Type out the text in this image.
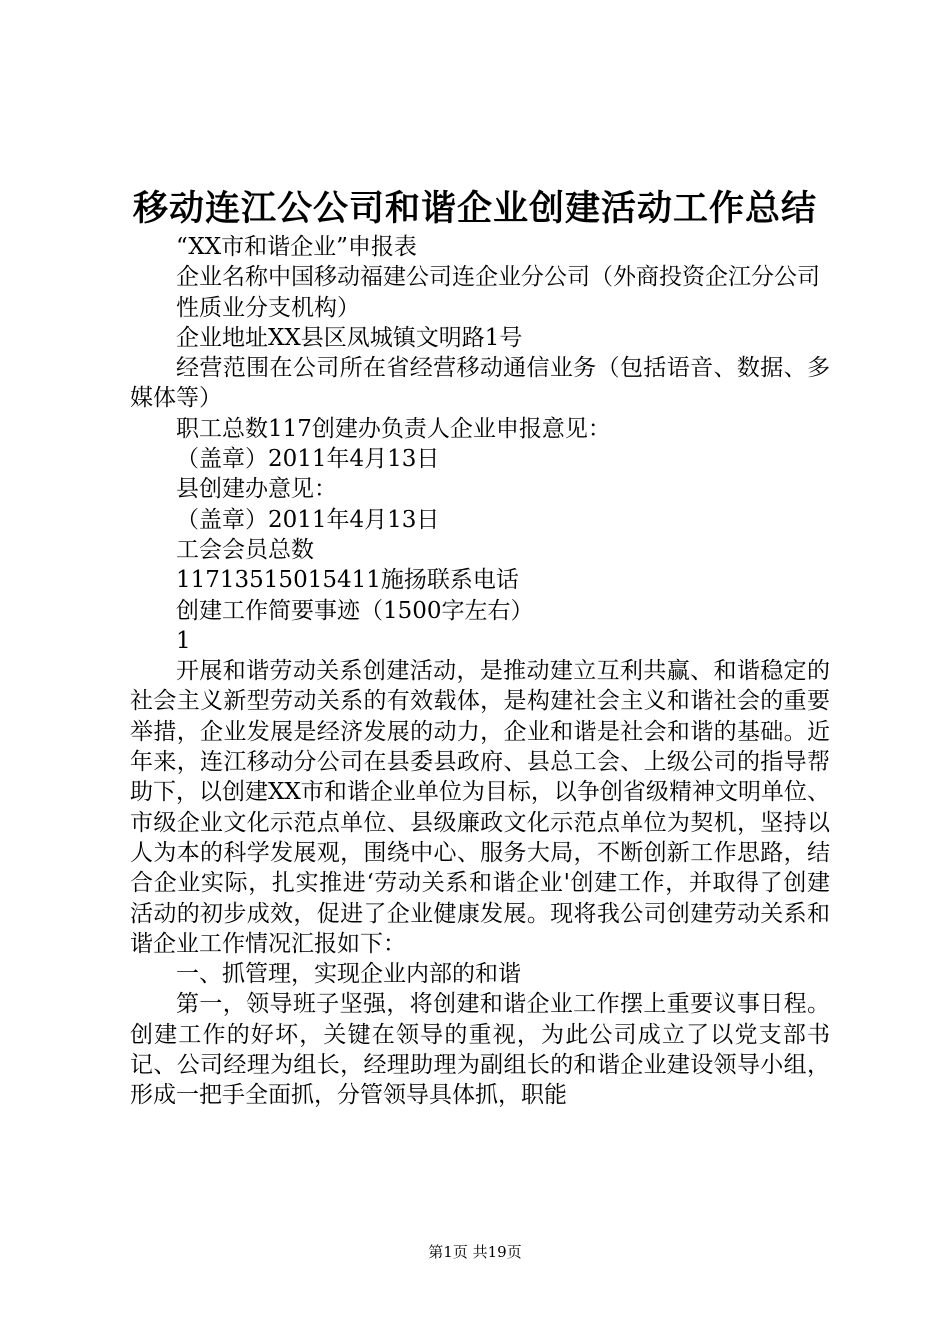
移动连江公公司和谐企业创建活动工作总结

“XX市和谐企业”申报表

企业名称中国移动福建公司连企业分公司（外商投资企江分公司

性质业分支机构）

企业地址XX县区凤城镇文明路1号

经营范围在公司所在省经营移动通信业务（包括语音、数据、多媒体等）

职工总数117创建办负责人企业申报意见：

（盖章）2011年4月13日

县创建办意见：

（盖章）2011年4月13日

工会会员总数

11713515015411施扬联系电话

创建工作简要事迹（1500字左右）

1

开展和谐劳动关系创建活动，是推动建立互利共赢、和谐稳定的社会主义新型劳动关系的有效载体，是构建社会主义和谐社会的重要举措，企业发展是经济发展的动力，企业和谐是社会和谐的基础。近年来，连江移动分公司在县委县政府、县总工会、上级公司的指导帮助下，以创建XX市和谐企业单位为目标，以争创省级精神文明单位、市级企业文化示范点单位、县级廉政文化示范点单位为契机，坚持以人为本的科学发展观，围绕中心、服务大局，不断创新工作思路，结合企业实际，扎实推进‘劳动关系和谐企业'创建工作，并取得了创建活动的初步成效，促进了企业健康发展。现将我公司创建劳动关系和谐企业工作情况汇报如下：

一、抓管理，实现企业内部的和谐

第一，领导班子坚强，将创建和谐企业工作摆上重要议事日程。创建工作的好坏，关键在领导的重视，为此公司成立了以党支部书记、公司经理为组长，经理助理为副组长的和谐企业建设领导小组，形成一把手全面抓，分管领导具体抓，职能

第1页 共19页
